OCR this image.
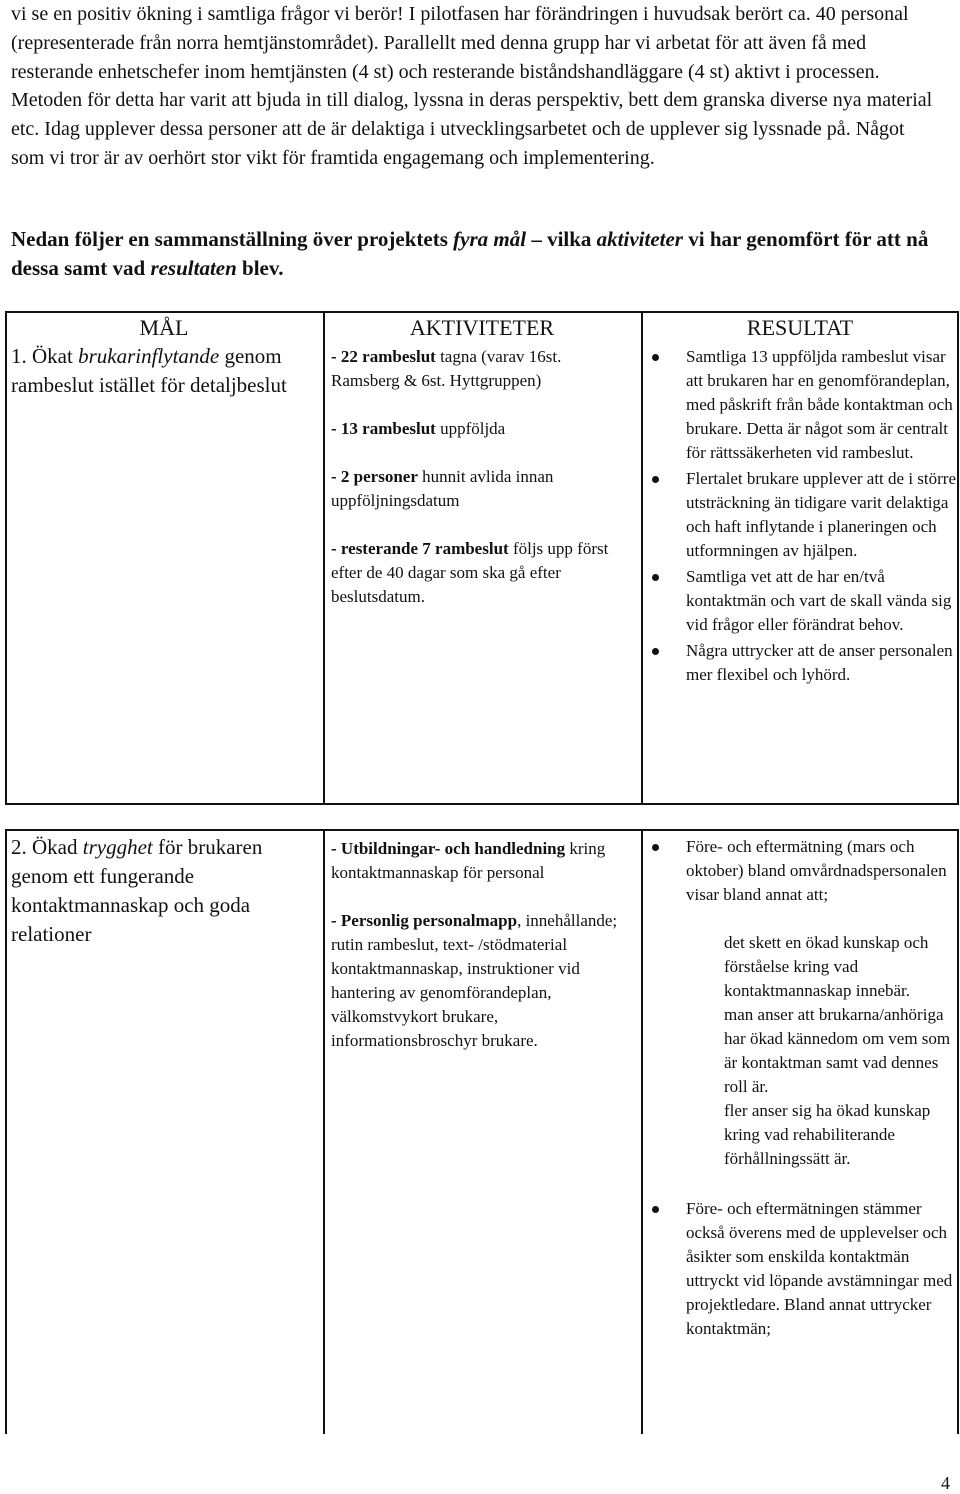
vi se en positiv ökning i samtliga frågor vi berör! I pilotfasen har förändringen i huvudsak berört ca. 40 personal (representerade från norra hemtjänstområdet). Parallellt med denna grupp har vi arbetat för att även få med resterande enhetschefer inom hemtjänsten (4 st) och resterande biståndshandläggare (4 st) aktivt i processen. Metoden för detta har varit att bjuda in till dialog, lyssna in deras perspektiv, bett dem granska diverse nya material etc. Idag upplever dessa personer att de är delaktiga i utvecklingsarbetet och de upplever sig lyssnade på. Något som vi tror är av oerhört stor vikt för framtida engagemang och implementering.

Nedan följer en sammanställning över projektets fyra mål – vilka aktiviteter vi har genomfört för att nå dessa samt vad resultaten blev.
MÅL	AKTIVITETER	RESULTAT
1. Ökat brukarinflytande genom rambeslut istället för detaljbeslut

- 22 rambeslut tagna (varav 16st. Ramsberg & 6st. Hyttgruppen)

- 13 rambeslut uppföljda

- 2 personer hunnit avlida innan uppföljningsdatum

- resterande 7 rambeslut följs upp först efter de 40 dagar som ska gå efter beslutsdatum.

Samtliga 13 uppföljda rambeslut visar att brukaren har en genomförandeplan, med påskrift från både kontaktman och brukare. Detta är något som är centralt för rättssäkerheten vid rambeslut.
Flertalet brukare upplever att de i större utsträckning än tidigare varit delaktiga och haft inflytande i planeringen och utformningen av hjälpen.
Samtliga vet att de har en/två kontaktmän och vart de skall vända sig vid frågor eller förändrat behov.
Några uttrycker att de anser personalen mer flexibel och lyhörd.
2. Ökad trygghet för brukaren genom ett fungerande kontaktmannaskap och goda relationer

- Utbildningar- och handledning kring kontaktmannaskap för personal

- Personlig personalmapp, innehållande; rutin rambeslut, text- /stödmaterial kontaktmannaskap, instruktioner vid hantering av genomförandeplan, välkomstvykort brukare, informationsbroschyr brukare.

Före- och eftermätning (mars och oktober) bland omvårdnadspersonalen visar bland annat att;
det skett en ökad kunskap och förståelse kring vad kontaktmannaskap innebär.
man anser att brukarna/anhöriga har ökad kännedom om vem som är kontaktman samt vad dennes roll är.
fler anser sig ha ökad kunskap kring vad rehabiliterande förhållningssätt är.
Före- och eftermätningen stämmer också överens med de upplevelser och åsikter som enskilda kontaktmän uttryckt vid löpande avstämningar med projektledare. Bland annat uttrycker kontaktmän;
4
